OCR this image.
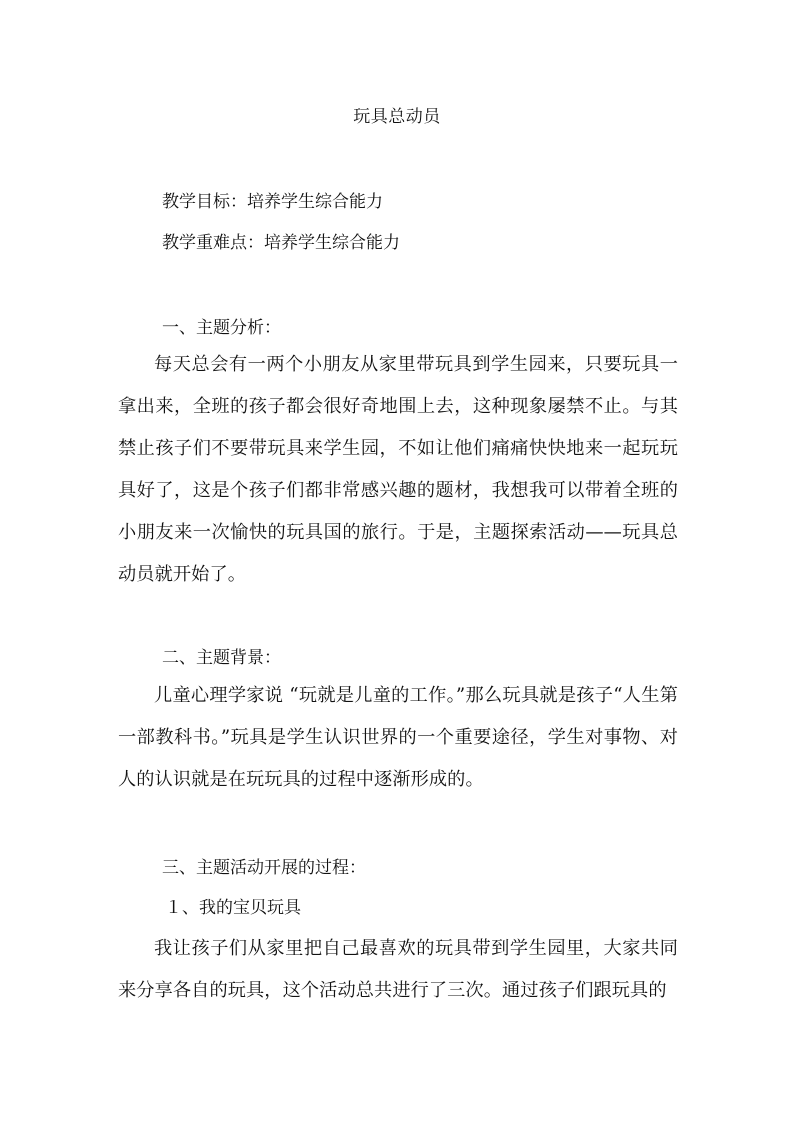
玩具总动员
教学目标：培养学生综合能力
教学重难点：培养学生综合能力
一、主题分析：
每天总会有一两个小朋友从家里带玩具到学生园来，只要玩具一拿出来，全班的孩子都会很好奇地围上去，这种现象屡禁不止。与其禁止孩子们不要带玩具来学生园，不如让他们痛痛快快地来一起玩玩具好了，这是个孩子们都非常感兴趣的题材，我想我可以带着全班的小朋友来一次愉快的玩具国的旅行。于是，主题探索活动——玩具总动员就开始了。
二、主题背景：
儿童心理学家说 “玩就是儿童的工作。”那么玩具就是孩子“人生第一部教科书。”玩具是学生认识世界的一个重要途径，学生对事物、对人的认识就是在玩玩具的过程中逐渐形成的。
三、主题活动开展的过程：
１、我的宝贝玩具
我让孩子们从家里把自己最喜欢的玩具带到学生园里，大家共同来分享各自的玩具，这个活动总共进行了三次。通过孩子们跟玩具的
